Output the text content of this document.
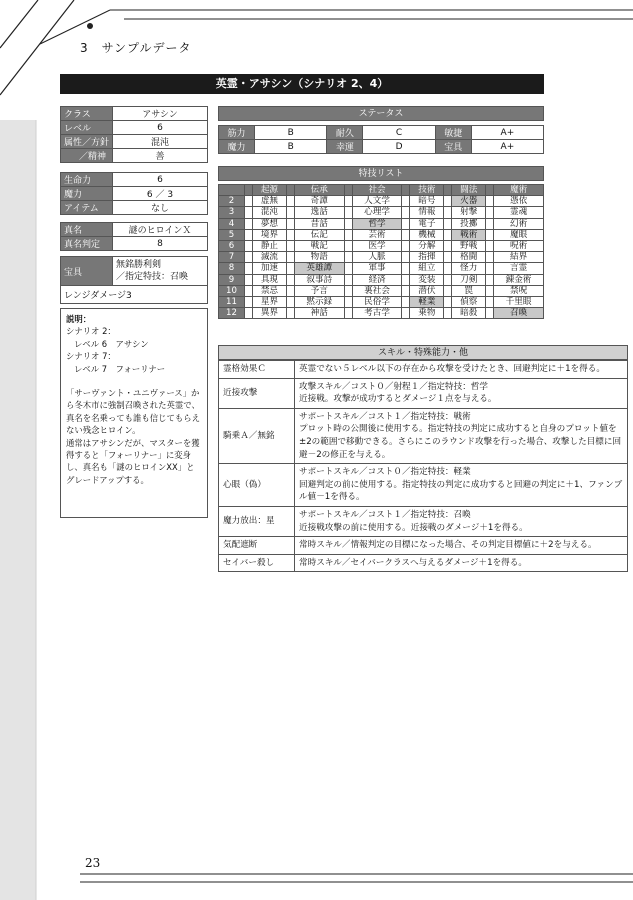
3　サンプルデータ
23
英霊・アサシン（シナリオ 2、4）
クラス	アサシン
レベル	6
属性／方針	混沌
／精神	善
生命力	6
魔力	6 ／ 3
アイテム	なし
真名	謎のヒロインＸ
真名判定	8
宝具	
無銘勝利剣
／指定特技：召喚

レンジダメージ3

説明：

シナリオ 2：

レベル 6　アサシン

シナリオ 7：

レベル 7　フォーリナー

「サーヴァント・ユニヴァース」から冬木市に強制召喚された英霊で、真名を名乗っても誰も信じてもらえない残念ヒロイン。

通常はアサシンだが、マスターを獲得すると「フォーリナー」に変身し、真名も「謎のヒロインXX」とグレードアップする。

ステータス
筋力	B	耐久	C	敏捷	A+
魔力	B	幸運	D	宝具	A+
特技リスト
		起源		伝承		社会		技術		闘法		魔術
2		虚無		奇譚		人文学		暗号		火器		憑依
3		混沌		逸話		心理学		情報		射撃		霊魂
4		夢想		昔話		哲学		電子		投擲		幻術
5		境界		伝記		芸術		機械		戦術		魔眼
6		静止		戦記		医学		分解		野戦		呪術
7		滅流		物語		人脈		指揮		格闘		結界
8		加速		英雄譚		軍事		組立		怪力		言霊
9		具現		叙事詩		経済		変装		刀剣		錬金術
10		禁忌		予言		裏社会		潜伏		罠		禁呪
11		星界		黙示録		民俗学		軽業		偵察		千里眼
12		異界		神話		考古学		乗物		暗殺		召喚
スキル・特殊能力・他
霊格効果Ｃ	英霊でない５レベル以下の存在から攻撃を受けたとき、回避判定に＋1を得る。
近接攻撃	攻撃スキル／コスト０／射程１／指定特技：哲学
近接戦。攻撃が成功するとダメージ１点を与える。
騎乗Ａ／無銘	サポートスキル／コスト１／指定特技：戦術
プロット時の公開後に使用する。指定特技の判定に成功すると自身のプロット値を±2の範囲で移動できる。さらにこのラウンド攻撃を行った場合、攻撃した目標に回避－2の修正を与える。
心眼（偽）	サポートスキル／コスト０／指定特技：軽業
回避判定の前に使用する。指定特技の判定に成功すると回避の判定に＋1、ファンブル値－1を得る。
魔力放出：星	サポートスキル／コスト１／指定特技：召喚
近接戦攻撃の前に使用する。近接戦のダメージ＋1を得る。
気配遮断	常時スキル／情報判定の目標になった場合、その判定目標値に＋2を与える。
セイバー殺し	常時スキル／セイバークラスへ与えるダメージ＋1を得る。
